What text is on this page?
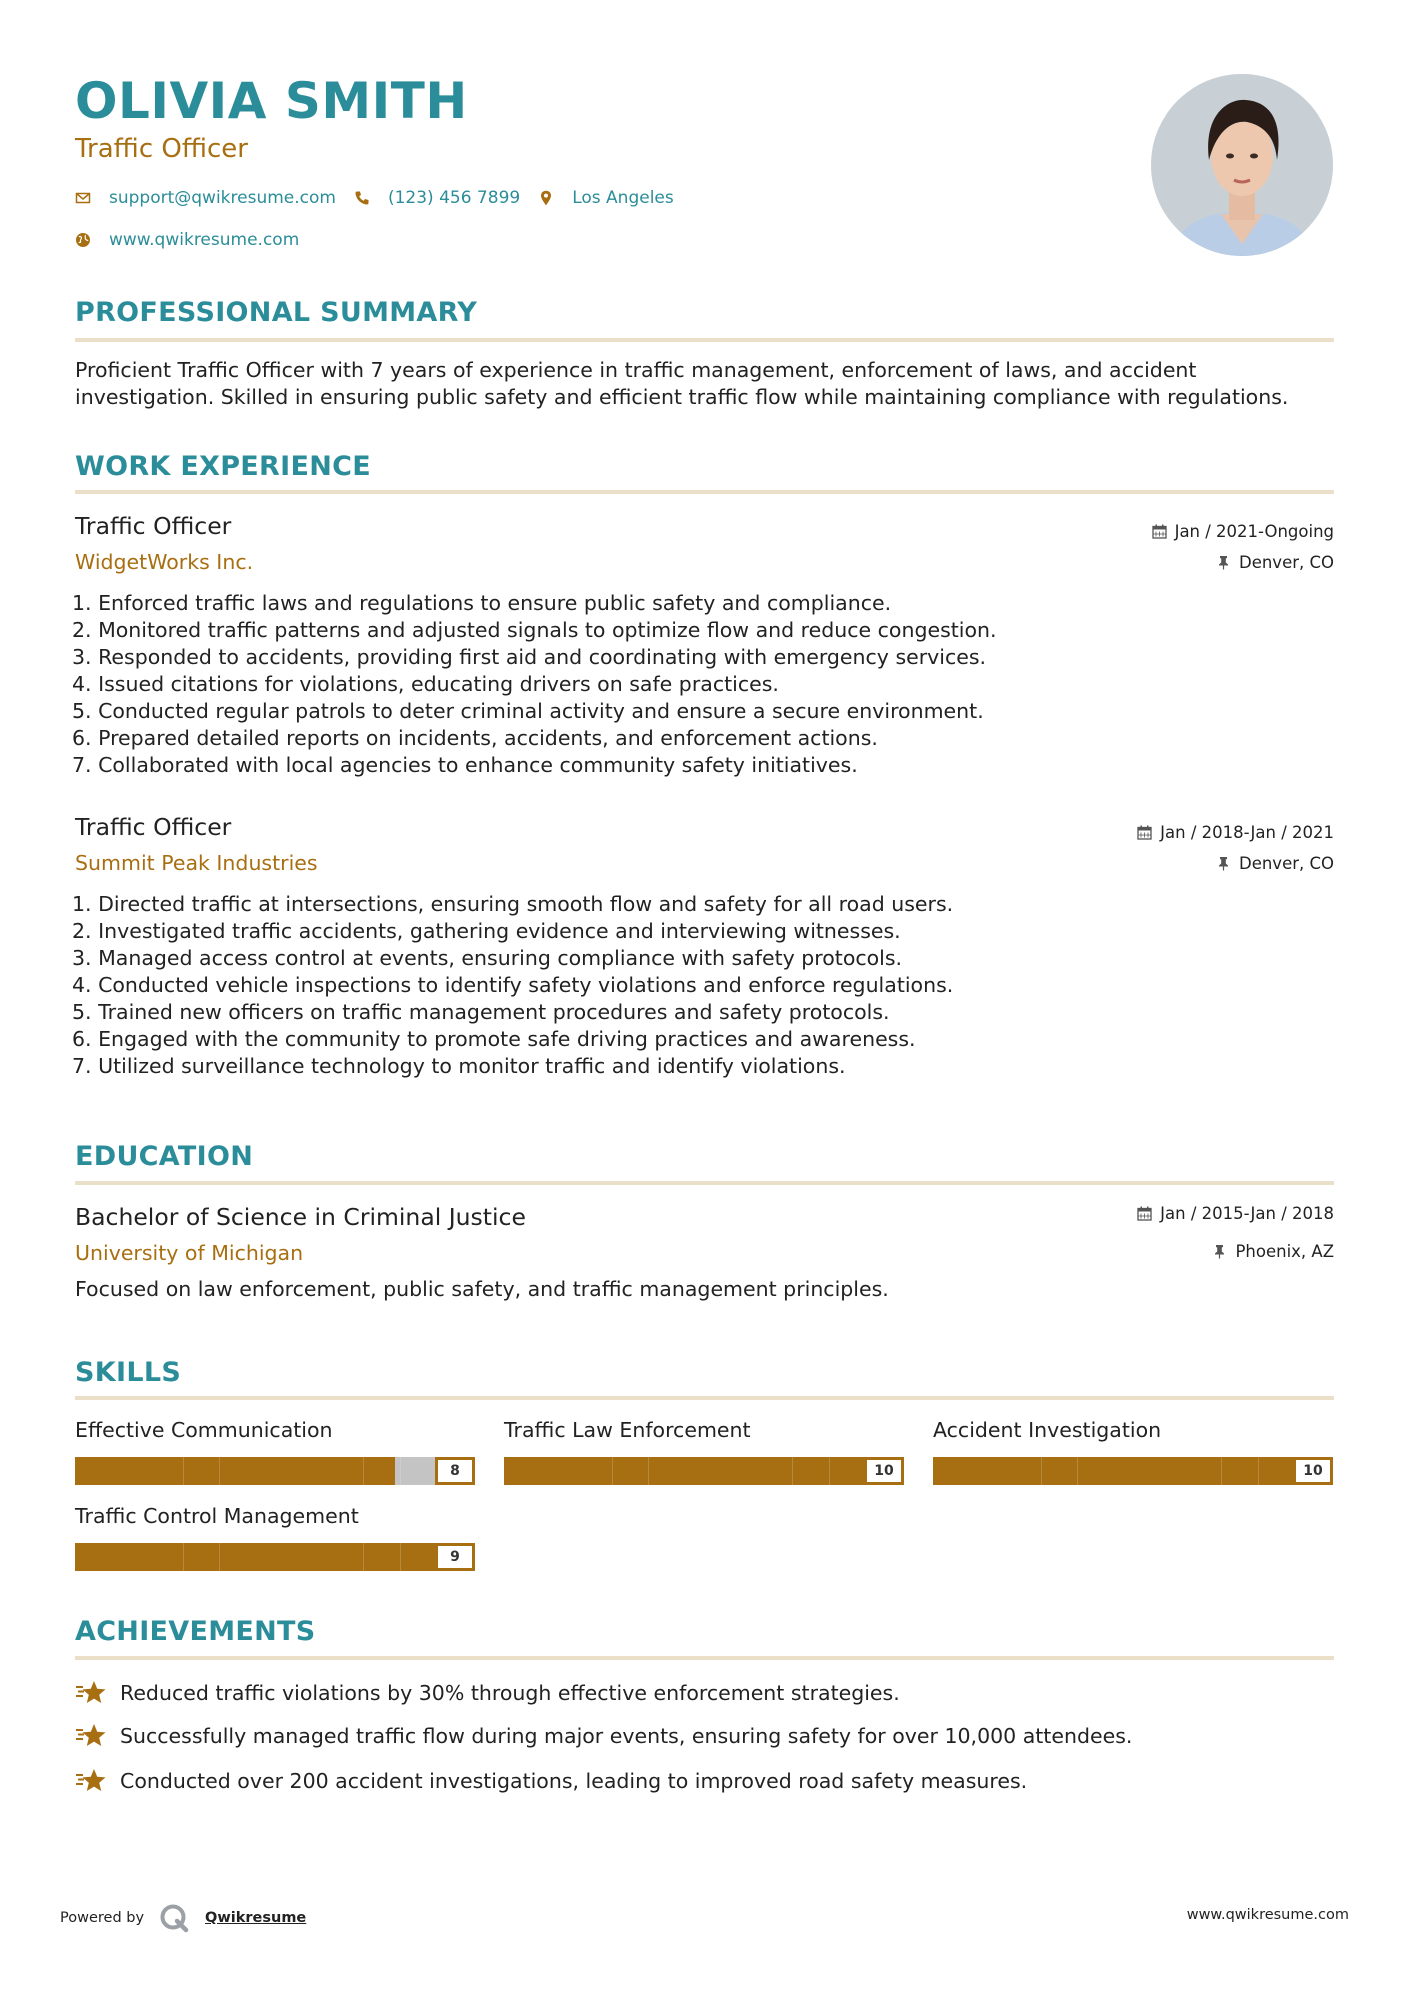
OLIVIA SMITH
Traffic Officer
support@qwikresume.com	(123) 456 7899	Los Angeles
www.qwikresume.com
PROFESSIONAL SUMMARY
Proficient Traffic Officer with 7 years of experience in traffic management, enforcement of laws, and accident
investigation. Skilled in ensuring public safety and efficient traffic flow while maintaining compliance with regulations.
WORK EXPERIENCE
Traffic Officer
WidgetWorks Inc.
Jan / 2021-Ongoing
Denver, CO
1. Enforced traffic laws and regulations to ensure public safety and compliance.
2. Monitored traffic patterns and adjusted signals to optimize flow and reduce congestion.
3. Responded to accidents, providing first aid and coordinating with emergency services.
4. Issued citations for violations, educating drivers on safe practices.
5. Conducted regular patrols to deter criminal activity and ensure a secure environment.
6. Prepared detailed reports on incidents, accidents, and enforcement actions.
7. Collaborated with local agencies to enhance community safety initiatives.
Traffic Officer
Summit Peak Industries
Jan / 2018-Jan / 2021
Denver, CO
1. Directed traffic at intersections, ensuring smooth flow and safety for all road users.
2. Investigated traffic accidents, gathering evidence and interviewing witnesses.
3. Managed access control at events, ensuring compliance with safety protocols.
4. Conducted vehicle inspections to identify safety violations and enforce regulations.
5. Trained new officers on traffic management procedures and safety protocols.
6. Engaged with the community to promote safe driving practices and awareness.
7. Utilized surveillance technology to monitor traffic and identify violations.
EDUCATION
Bachelor of Science in Criminal Justice
University of Michigan
Jan / 2015-Jan / 2018
Phoenix, AZ
Focused on law enforcement, public safety, and traffic management principles.
SKILLS
Effective Communication
8
Traffic Law Enforcement
10
Accident Investigation
10
Traffic Control Management
9
ACHIEVEMENTS
Reduced traffic violations by 30% through effective enforcement strategies.
Successfully managed traffic flow during major events, ensuring safety for over 10,000 attendees.
Conducted over 200 accident investigations, leading to improved road safety measures.
Powered by	Qwikresume	www.qwikresume.com
